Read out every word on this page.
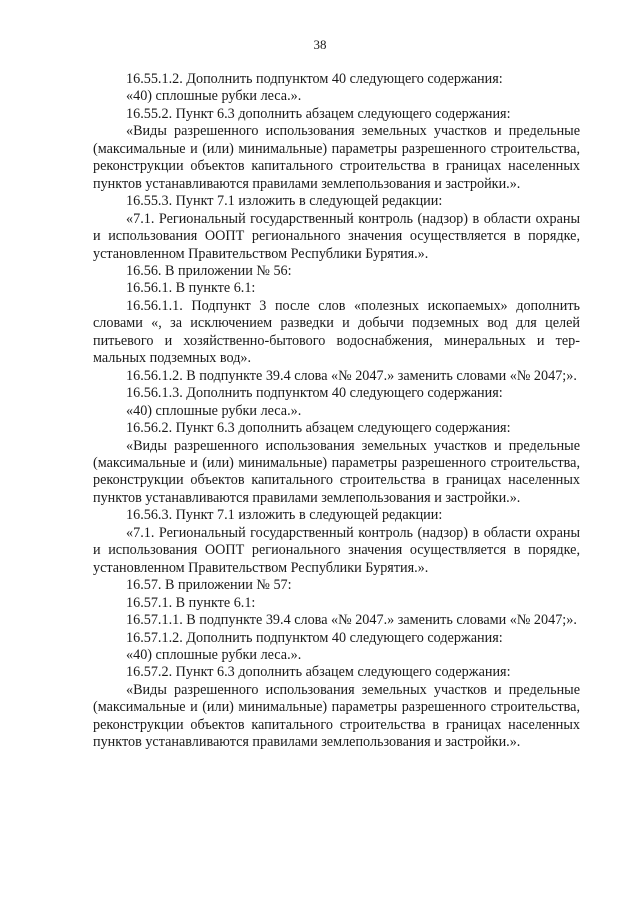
38

16.55.1.2. Дополнить подпунктом 40 следующего содержания:

«40) сплошные рубки леса.».

16.55.2. Пункт 6.3 дополнить абзацем следующего содержания:

«Виды разрешенного использования земельных участков и предельные (максимальные и (или) минимальные) параметры разрешенного строительства, реконструкции объектов капитального строительства в границах населенных пунктов устанавливаются правилами землепользования и застройки.».

16.55.3. Пункт 7.1 изложить в следующей редакции:

«7.1. Региональный государственный контроль (надзор) в области охраны и использования ООПТ регионального значения осуществляется в порядке, установленном Правительством Республики Бурятия.».

16.56. В приложении № 56:

16.56.1. В пункте 6.1:

16.56.1.1. Подпункт 3 после слов «полезных ископаемых» дополнить словами «, за исключением разведки и добычи подземных вод для целей питьевого и хозяйственно-бытового водоснабжения, минеральных и термальных подземных вод».

16.56.1.2. В подпункте 39.4 слова «№ 2047.» заменить словами «№ 2047;».

16.56.1.3. Дополнить подпунктом 40 следующего содержания:

«40) сплошные рубки леса.».

16.56.2. Пункт 6.3 дополнить абзацем следующего содержания:

«Виды разрешенного использования земельных участков и предельные (максимальные и (или) минимальные) параметры разрешенного строительства, реконструкции объектов капитального строительства в границах населенных пунктов устанавливаются правилами землепользования и застройки.».

16.56.3. Пункт 7.1 изложить в следующей редакции:

«7.1. Региональный государственный контроль (надзор) в области охраны и использования ООПТ регионального значения осуществляется в порядке, установленном Правительством Республики Бурятия.».

16.57. В приложении № 57:

16.57.1. В пункте 6.1:

16.57.1.1. В подпункте 39.4 слова «№ 2047.» заменить словами «№ 2047;».

16.57.1.2. Дополнить подпунктом 40 следующего содержания:

«40) сплошные рубки леса.».

16.57.2. Пункт 6.3 дополнить абзацем следующего содержания:

«Виды разрешенного использования земельных участков и предельные (максимальные и (или) минимальные) параметры разрешенного строительства, реконструкции объектов капитального строительства в границах населенных пунктов устанавливаются правилами землепользования и застройки.».
